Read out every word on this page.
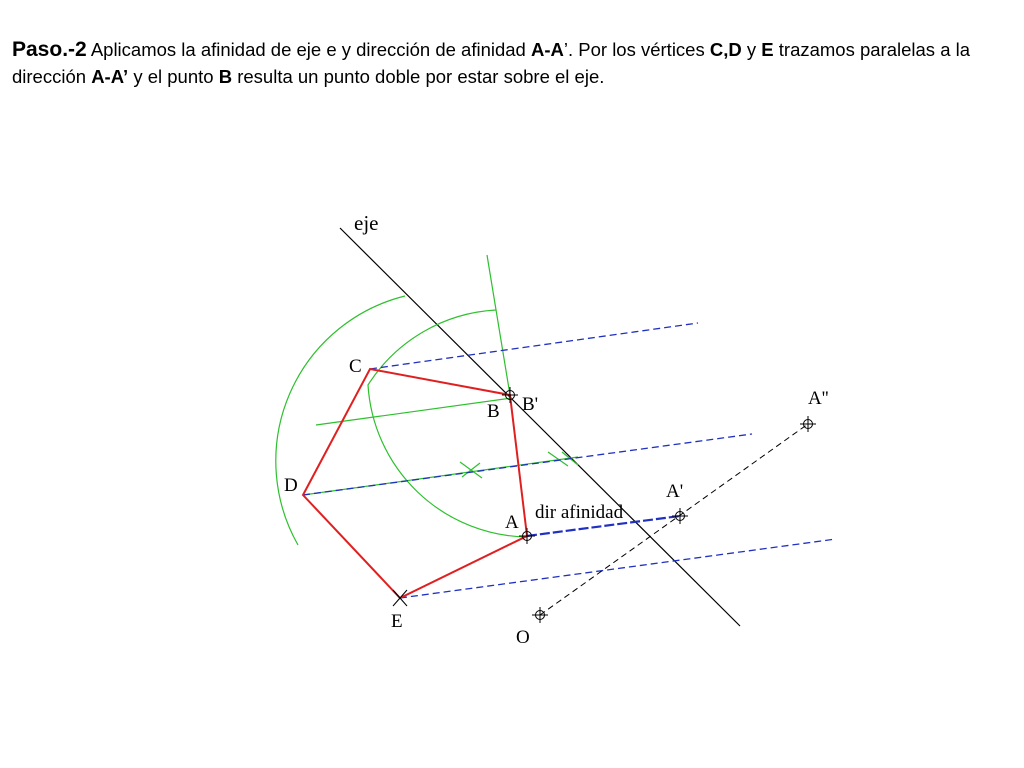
Paso.-2 Aplicamos la afinidad de eje e y dirección de afinidad A-A’. Por los vértices C,D y E trazamos paralelas a la dirección A-A’ y el punto B resulta un punto doble por estar sobre el eje.
eje
C
B B'
D
A dir afinidad
A'
A''
E
O
